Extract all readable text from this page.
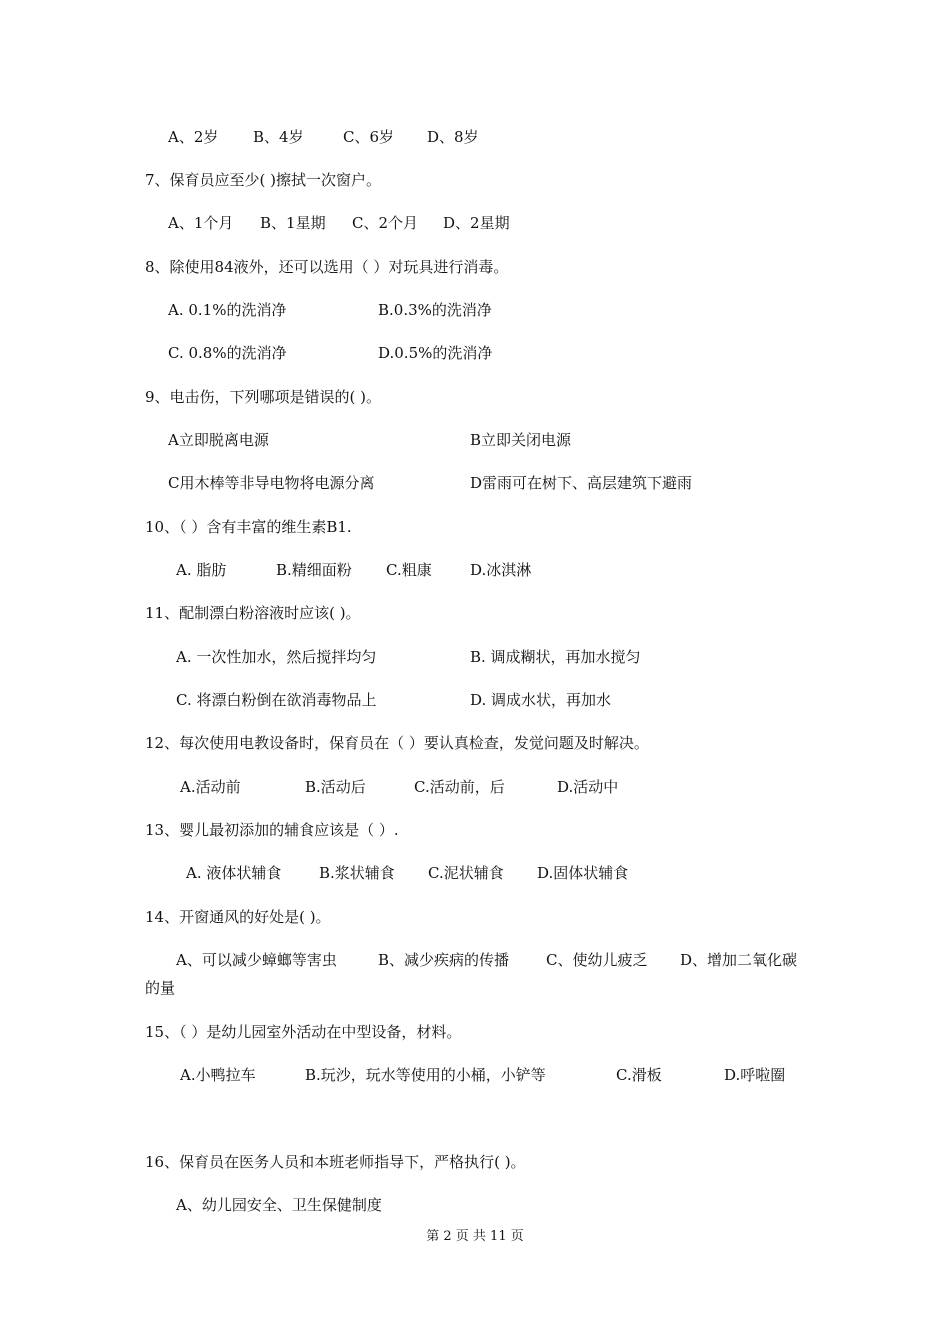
A、2岁 B、4岁	C、6岁 D、8岁
7、保育员应至少( )擦拭一次窗户。
A、1个月 B、1星期 C、2个月 D、2星期
8、除使用84液外，还可以选用（ ）对玩具进行消毒。
A. 0.1%的洗消净	B.0.3%的洗消净
C. 0.8%的洗消净	D.0.5%的洗消净
9、电击伤，下列哪项是错误的( )。
A立即脱离电源	B立即关闭电源
C用木棒等非导电物将电源分离	D雷雨可在树下、高层建筑下避雨
10、（ ）含有丰富的维生素B1.
A. 脂肪	B.精细面粉 C.粗康	D.冰淇淋
11、配制漂白粉溶液时应该( )。
A. 一次性加水，然后搅拌均匀	B. 调成糊状，再加水搅匀
C. 将漂白粉倒在欲消毒物品上	D. 调成水状，再加水
12、每次使用电教设备时，保育员在（ ）要认真检查，发觉问题及时解决。
A.活动前	B.活动后	C.活动前，后	D.活动中
13、婴儿最初添加的辅食应该是（ ）.
A. 液体状辅食	B.浆状辅食 C.泥状辅食 D.固体状辅食
14、开窗通风的好处是( )。
A、可以减少蟑螂等害虫	B、减少疾病的传播 C、使幼儿疲乏 D、增加二氧化碳
的量
15、（ ）是幼儿园室外活动在中型设备，材料。
A.小鸭拉车	B.玩沙，玩水等使用的小桶，小铲等	C.滑板	D.呼啦圈
16、保育员在医务人员和本班老师指导下，严格执行( )。
A、幼儿园安全、卫生保健制度
第 2 页 共 11 页
